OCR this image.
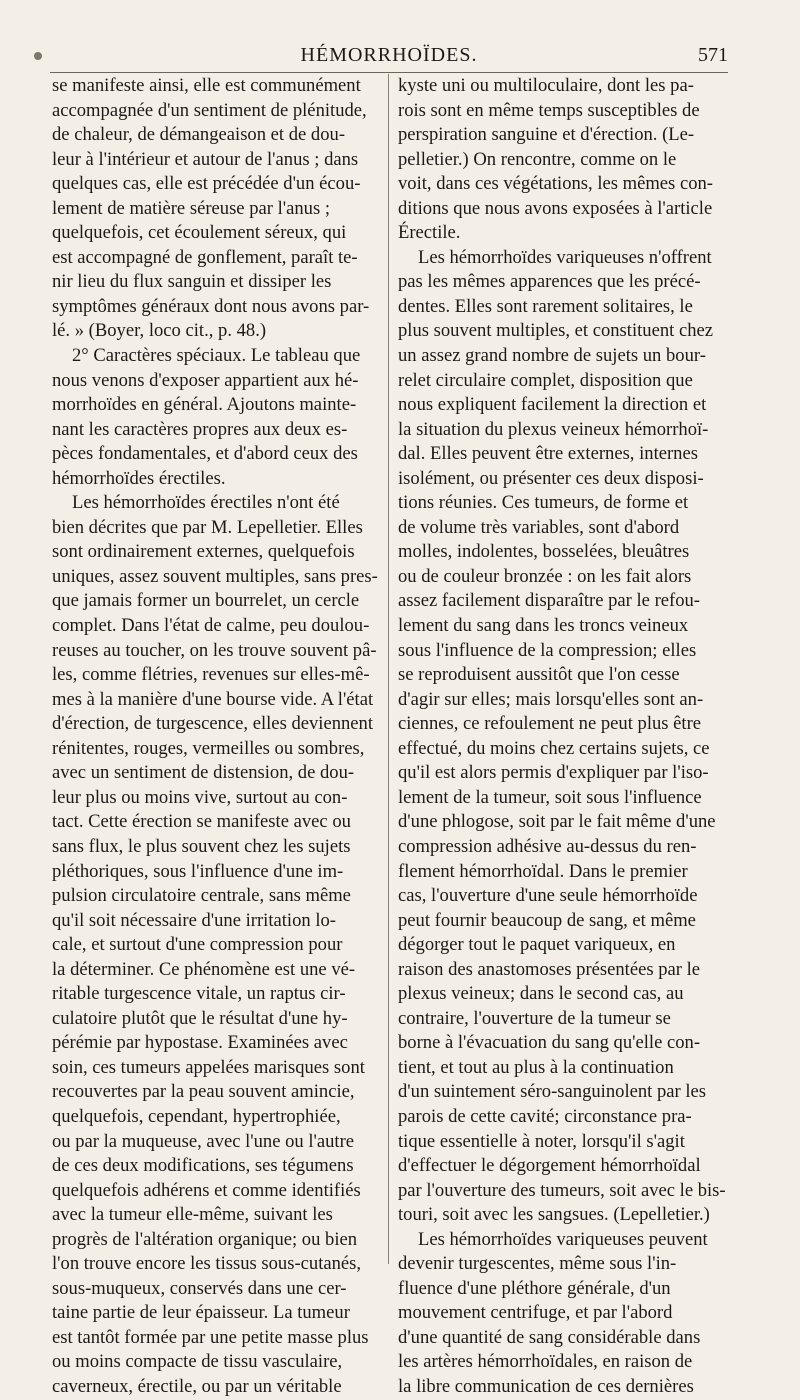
HÉMORRHOÏDES.	571
se manifeste ainsi, elle est communément
accompagnée d'un sentiment de plénitude,
de chaleur, de démangeaison et de dou-
leur à l'intérieur et autour de l'anus ; dans
quelques cas, elle est précédée d'un écou-
lement de matière séreuse par l'anus ;
quelquefois, cet écoulement séreux, qui
est accompagné de gonflement, paraît te-
nir lieu du flux sanguin et dissiper les
symptômes généraux dont nous avons par-
lé. » (Boyer, loco cit., p. 48.)
2° Caractères spéciaux. Le tableau que
nous venons d'exposer appartient aux hé-
morrhoïdes en général. Ajoutons mainte-
nant les caractères propres aux deux es-
pèces fondamentales, et d'abord ceux des
hémorrhoïdes érectiles.
Les hémorrhoïdes érectiles n'ont été
bien décrites que par M. Lepelletier. Elles
sont ordinairement externes, quelquefois
uniques, assez souvent multiples, sans pres-
que jamais former un bourrelet, un cercle
complet. Dans l'état de calme, peu doulou-
reuses au toucher, on les trouve souvent pâ-
les, comme flétries, revenues sur elles-mê-
mes à la manière d'une bourse vide. A l'état
d'érection, de turgescence, elles deviennent
rénitentes, rouges, vermeilles ou sombres,
avec un sentiment de distension, de dou-
leur plus ou moins vive, surtout au con-
tact. Cette érection se manifeste avec ou
sans flux, le plus souvent chez les sujets
pléthoriques, sous l'influence d'une im-
pulsion circulatoire centrale, sans même
qu'il soit nécessaire d'une irritation lo-
cale, et surtout d'une compression pour
la déterminer. Ce phénomène est une vé-
ritable turgescence vitale, un raptus cir-
culatoire plutôt que le résultat d'une hy-
pérémie par hypostase. Examinées avec
soin, ces tumeurs appelées marisques sont
recouvertes par la peau souvent amincie,
quelquefois, cependant, hypertrophiée,
ou par la muqueuse, avec l'une ou l'autre
de ces deux modifications, ses tégumens
quelquefois adhérens et comme identifiés
avec la tumeur elle-même, suivant les
progrès de l'altération organique; ou bien
l'on trouve encore les tissus sous-cutanés,
sous-muqueux, conservés dans une cer-
taine partie de leur épaisseur. La tumeur
est tantôt formée par une petite masse plus
ou moins compacte de tissu vasculaire,
caverneux, érectile, ou par un véritable
kyste uni ou multiloculaire, dont les pa-
rois sont en même temps susceptibles de
perspiration sanguine et d'érection. (Le-
pelletier.) On rencontre, comme on le
voit, dans ces végétations, les mêmes con-
ditions que nous avons exposées à l'article
Érectile.
Les hémorrhoïdes variqueuses n'offrent
pas les mêmes apparences que les précé-
dentes. Elles sont rarement solitaires, le
plus souvent multiples, et constituent chez
un assez grand nombre de sujets un bour-
relet circulaire complet, disposition que
nous expliquent facilement la direction et
la situation du plexus veineux hémorrhoï-
dal. Elles peuvent être externes, internes
isolément, ou présenter ces deux disposi-
tions réunies. Ces tumeurs, de forme et
de volume très variables, sont d'abord
molles, indolentes, bosselées, bleuâtres
ou de couleur bronzée : on les fait alors
assez facilement disparaître par le refou-
lement du sang dans les troncs veineux
sous l'influence de la compression; elles
se reproduisent aussitôt que l'on cesse
d'agir sur elles; mais lorsqu'elles sont an-
ciennes, ce refoulement ne peut plus être
effectué, du moins chez certains sujets, ce
qu'il est alors permis d'expliquer par l'iso-
lement de la tumeur, soit sous l'influence
d'une phlogose, soit par le fait même d'une
compression adhésive au-dessus du ren-
flement hémorrhoïdal. Dans le premier
cas, l'ouverture d'une seule hémorrhoïde
peut fournir beaucoup de sang, et même
dégorger tout le paquet variqueux, en
raison des anastomoses présentées par le
plexus veineux; dans le second cas, au
contraire, l'ouverture de la tumeur se
borne à l'évacuation du sang qu'elle con-
tient, et tout au plus à la continuation
d'un suintement séro-sanguinolent par les
parois de cette cavité; circonstance pra-
tique essentielle à noter, lorsqu'il s'agit
d'effectuer le dégorgement hémorrhoïdal
par l'ouverture des tumeurs, soit avec le bis-
touri, soit avec les sangsues. (Lepelletier.)
Les hémorrhoïdes variqueuses peuvent
devenir turgescentes, même sous l'in-
fluence d'une pléthore générale, d'un
mouvement centrifuge, et par l'abord
d'une quantité de sang considérable dans
les artères hémorrhoïdales, en raison de
la libre communication de ces dernières
